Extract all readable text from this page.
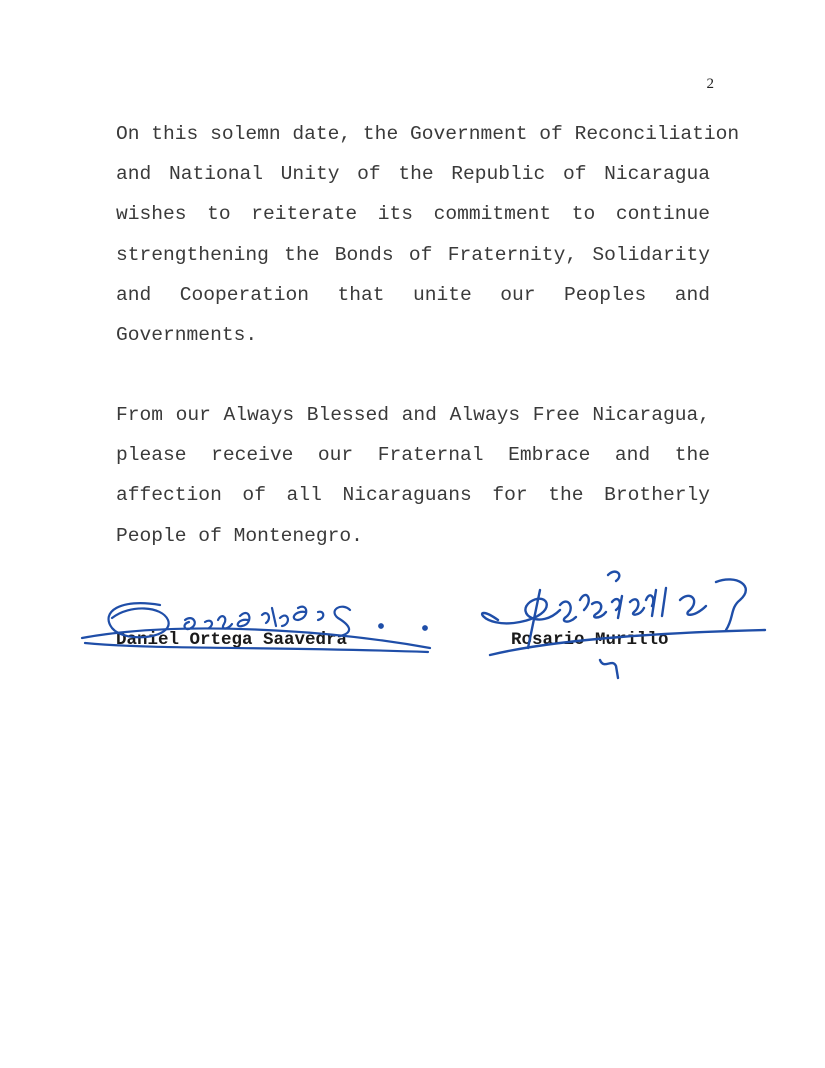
2

On this solemn date, the Government of Reconciliation
and National Unity of the Republic of Nicaragua
wishes to reiterate its commitment to continue
strengthening the Bonds of Fraternity, Solidarity
and Cooperation that unite our Peoples and
Governments.

From our Always Blessed and Always Free Nicaragua,
please receive our Fraternal Embrace and the
affection of all Nicaraguans for the Brotherly
People of Montenegro.

Daniel Ortega Saavedra	Rosario Murillo
